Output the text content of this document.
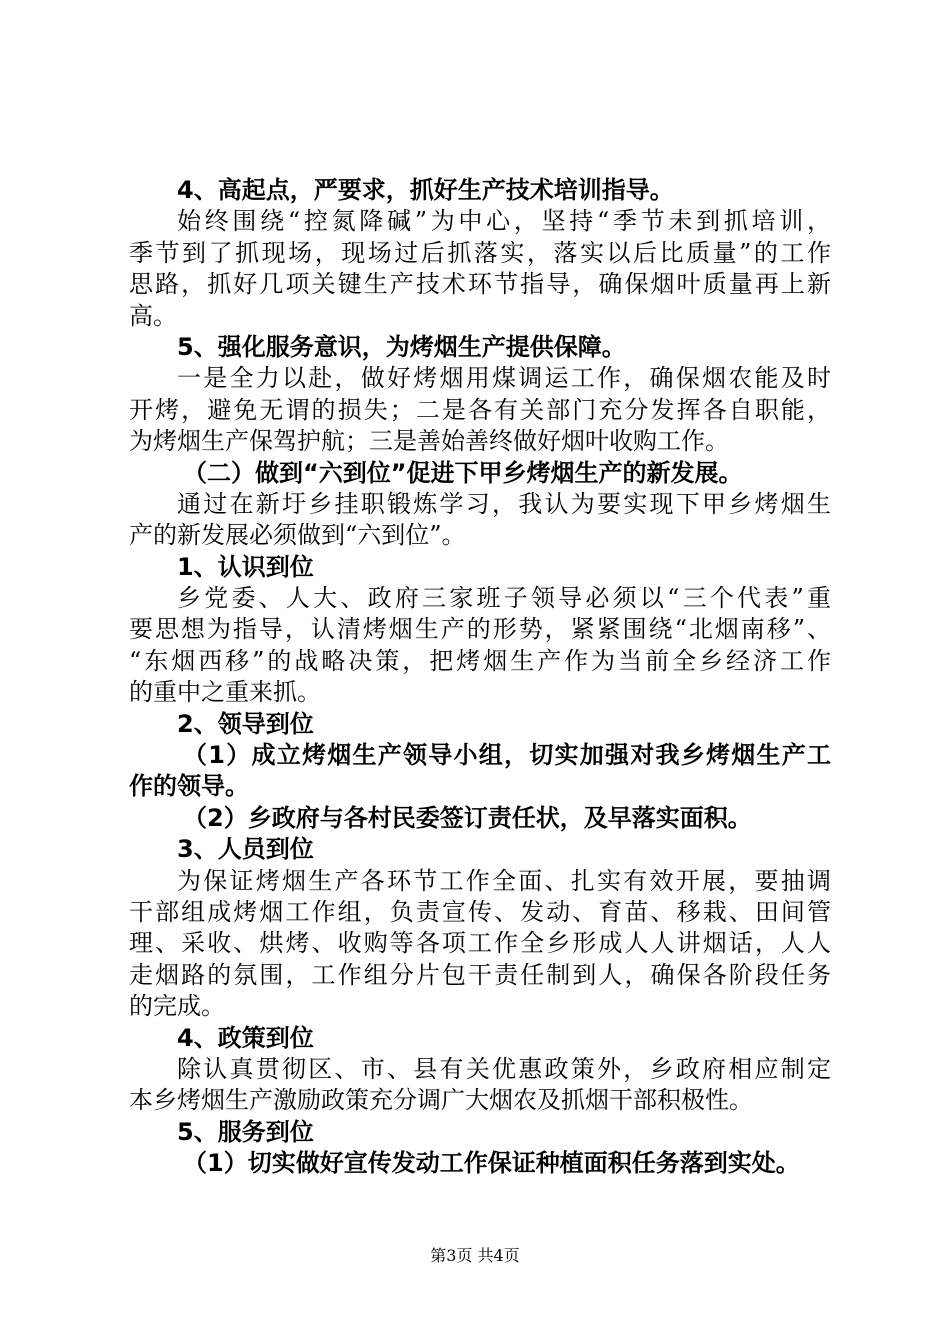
4、高起点，严要求，抓好生产技术培训指导。
始终围绕“控氮降碱”为中心，坚持“季节未到抓培训，
季节到了抓现场，现场过后抓落实，落实以后比质量”的工作
思路，抓好几项关键生产技术环节指导，确保烟叶质量再上新
高。
5、强化服务意识，为烤烟生产提供保障。
一是全力以赴，做好烤烟用煤调运工作，确保烟农能及时
开烤，避免无谓的损失；二是各有关部门充分发挥各自职能，
为烤烟生产保驾护航；三是善始善终做好烟叶收购工作。
（二）做到“六到位”促进下甲乡烤烟生产的新发展。
通过在新圩乡挂职锻炼学习，我认为要实现下甲乡烤烟生
产的新发展必须做到“六到位”。
1、认识到位
乡党委、人大、政府三家班子领导必须以“三个代表”重
要思想为指导，认清烤烟生产的形势，紧紧围绕“北烟南移”、
“东烟西移”的战略决策，把烤烟生产作为当前全乡经济工作
的重中之重来抓。
2、领导到位
（1）成立烤烟生产领导小组，切实加强对我乡烤烟生产工
作的领导。
（2）乡政府与各村民委签订责任状，及早落实面积。
3、人员到位
为保证烤烟生产各环节工作全面、扎实有效开展，要抽调
干部组成烤烟工作组，负责宣传、发动、育苗、移栽、田间管
理、采收、烘烤、收购等各项工作全乡形成人人讲烟话，人人
走烟路的氛围，工作组分片包干责任制到人，确保各阶段任务
的完成。
4、政策到位
除认真贯彻区、市、县有关优惠政策外，乡政府相应制定
本乡烤烟生产激励政策充分调广大烟农及抓烟干部积极性。
5、服务到位
（1）切实做好宣传发动工作保证种植面积任务落到实处。
第3页 共4页
